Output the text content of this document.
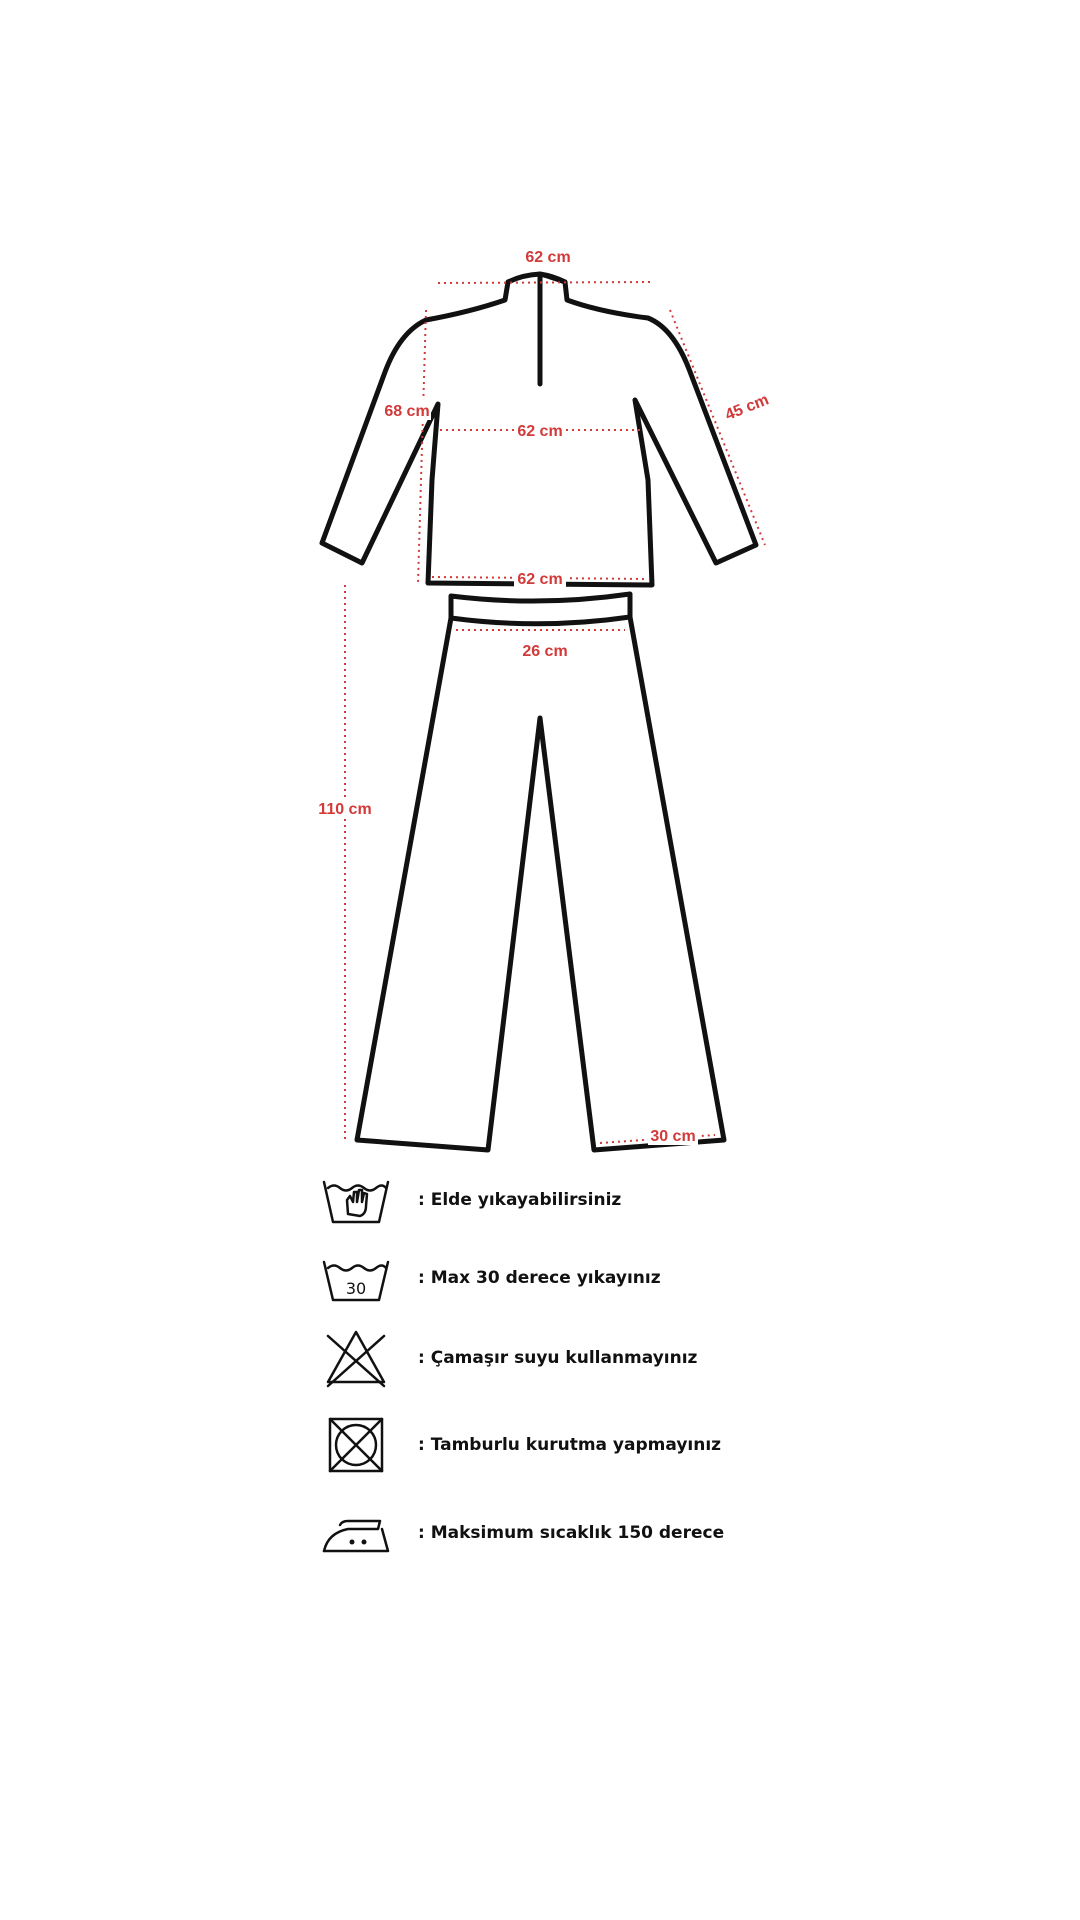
62 cm
68 cm	45 cm
62 cm
62 cm
26 cm
110 cm
30 cm
: Elde yıkayabilirsiniz
30
: Max 30 derece yıkayınız
: Çamaşır suyu kullanmayınız
: Tamburlu kurutma yapmayınız
: Maksimum sıcaklık 150 derece
